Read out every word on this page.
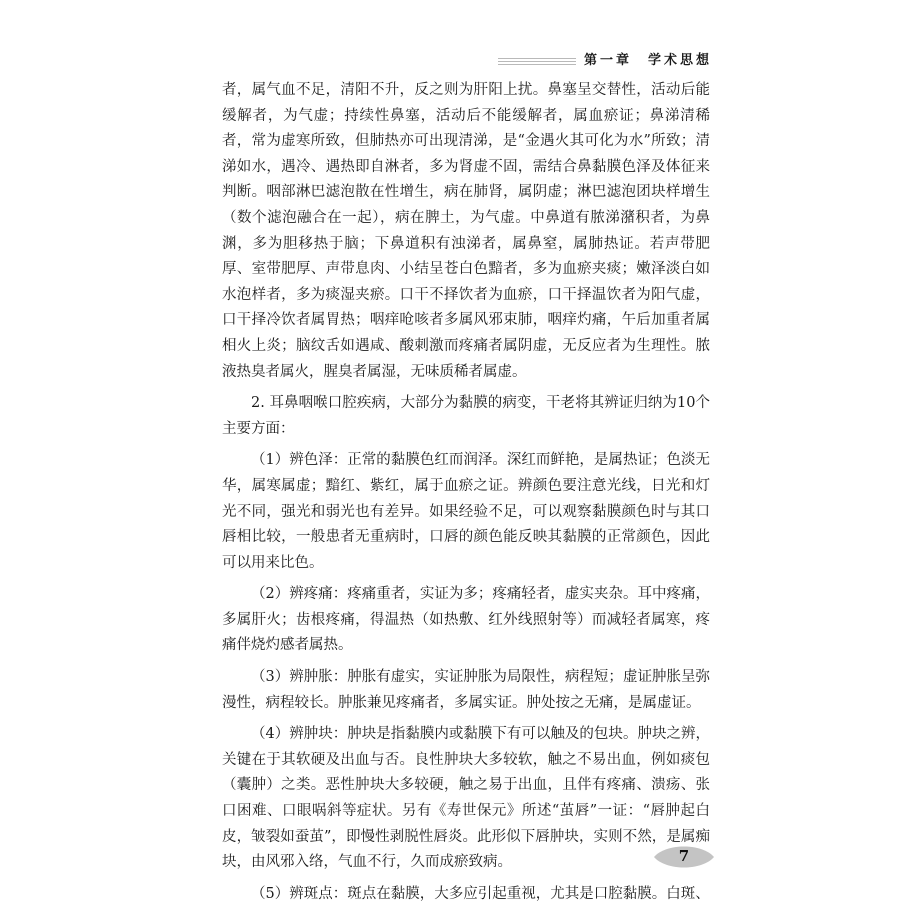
第一章　学术思想

者，属气血不足，清阳不升，反之则为肝阳上扰。鼻塞呈交替性，活动后能缓解者，为气虚；持续性鼻塞，活动后不能缓解者，属血瘀证；鼻涕清稀者，常为虚寒所致，但肺热亦可出现清涕，是“金遇火其可化为水”所致；清涕如水，遇冷、遇热即自淋者，多为肾虚不固，需结合鼻黏膜色泽及体征来判断。咽部淋巴滤泡散在性增生，病在肺肾，属阴虚；淋巴滤泡团块样增生（数个滤泡融合在一起），病在脾土，为气虚。中鼻道有脓涕潴积者，为鼻渊，多为胆移热于脑；下鼻道积有浊涕者，属鼻窒，属肺热证。若声带肥厚、室带肥厚、声带息肉、小结呈苍白色黯者，多为血瘀夹痰；嫩泽淡白如水泡样者，多为痰湿夹瘀。口干不择饮者为血瘀，口干择温饮者为阳气虚，口干择冷饮者属胃热；咽痒呛咳者多属风邪束肺，咽痒灼痛，午后加重者属相火上炎；脑纹舌如遇咸、酸刺激而疼痛者属阴虚，无反应者为生理性。脓液热臭者属火，腥臭者属湿，无味质稀者属虚。

2. 耳鼻咽喉口腔疾病，大部分为黏膜的病变，干老将其辨证归纳为10个主要方面：

（1）辨色泽：正常的黏膜色红而润泽。深红而鲜艳，是属热证；色淡无华，属寒属虚；黯红、紫红，属于血瘀之证。辨颜色要注意光线，日光和灯光不同，强光和弱光也有差异。如果经验不足，可以观察黏膜颜色时与其口唇相比较，一般患者无重病时，口唇的颜色能反映其黏膜的正常颜色，因此可以用来比色。

（2）辨疼痛：疼痛重者，实证为多；疼痛轻者，虚实夹杂。耳中疼痛，多属肝火；齿根疼痛，得温热（如热敷、红外线照射等）而减轻者属寒，疼痛伴烧灼感者属热。

（3）辨肿胀：肿胀有虚实，实证肿胀为局限性，病程短；虚证肿胀呈弥漫性，病程较长。肿胀兼见疼痛者，多属实证。肿处按之无痛，是属虚证。

（4）辨肿块：肿块是指黏膜内或黏膜下有可以触及的包块。肿块之辨，关键在于其软硬及出血与否。良性肿块大多较软，触之不易出血，例如痰包（囊肿）之类。恶性肿块大多较硬，触之易于出血，且伴有疼痛、溃疡、张口困难、口眼㖞斜等症状。另有《寿世保元》所述“茧唇”一证：“唇肿起白皮，皱裂如蚕茧”，即慢性剥脱性唇炎。此形似下唇肿块，实则不然，是属痴块，由风邪入络，气血不行，久而成瘀致病。

（5）辨斑点：斑点在黏膜，大多应引起重视，尤其是口腔黏膜。白斑、

7
